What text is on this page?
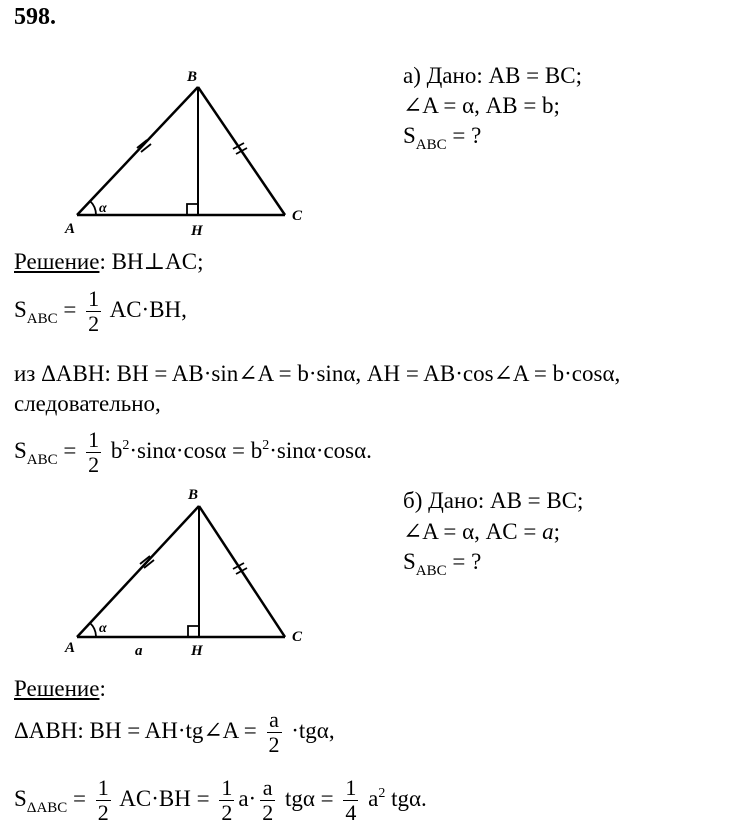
598.
B
A	H
C
α
а) Дано: AB = BC;
∠A = α, AB = b;
$S_{ABC}$ = ?
Решение: BH⊥AC;
$S_{ABC} = \frac{1}{2} AC\cdot BH$,
из ΔABH: BH = AB·sin∠A = b·sinα, AH = AB·cos∠A = b·cosα,
следовательно,
$S_{ABC} = \frac{1}{2} b^2\cdot\sin\alpha\cdot\cos\alpha = b^2\cdot\sin\alpha\cdot\cos\alpha$.
B
A	a	H
C
α
б) Дано: AB = BC;
∠A = α, AC = a;
$S_{ABC}$ = ?
Решение:
ΔABH: BH = AH·tg∠A = $\frac{a}{2} \cdot tg\alpha$,
$S_{\Delta ABC} = \frac{1}{2} AC\cdot BH = \frac{1}{2} a\cdot \frac{a}{2}$ $tg\alpha = \frac{1}{4} a^2$ tgα.
